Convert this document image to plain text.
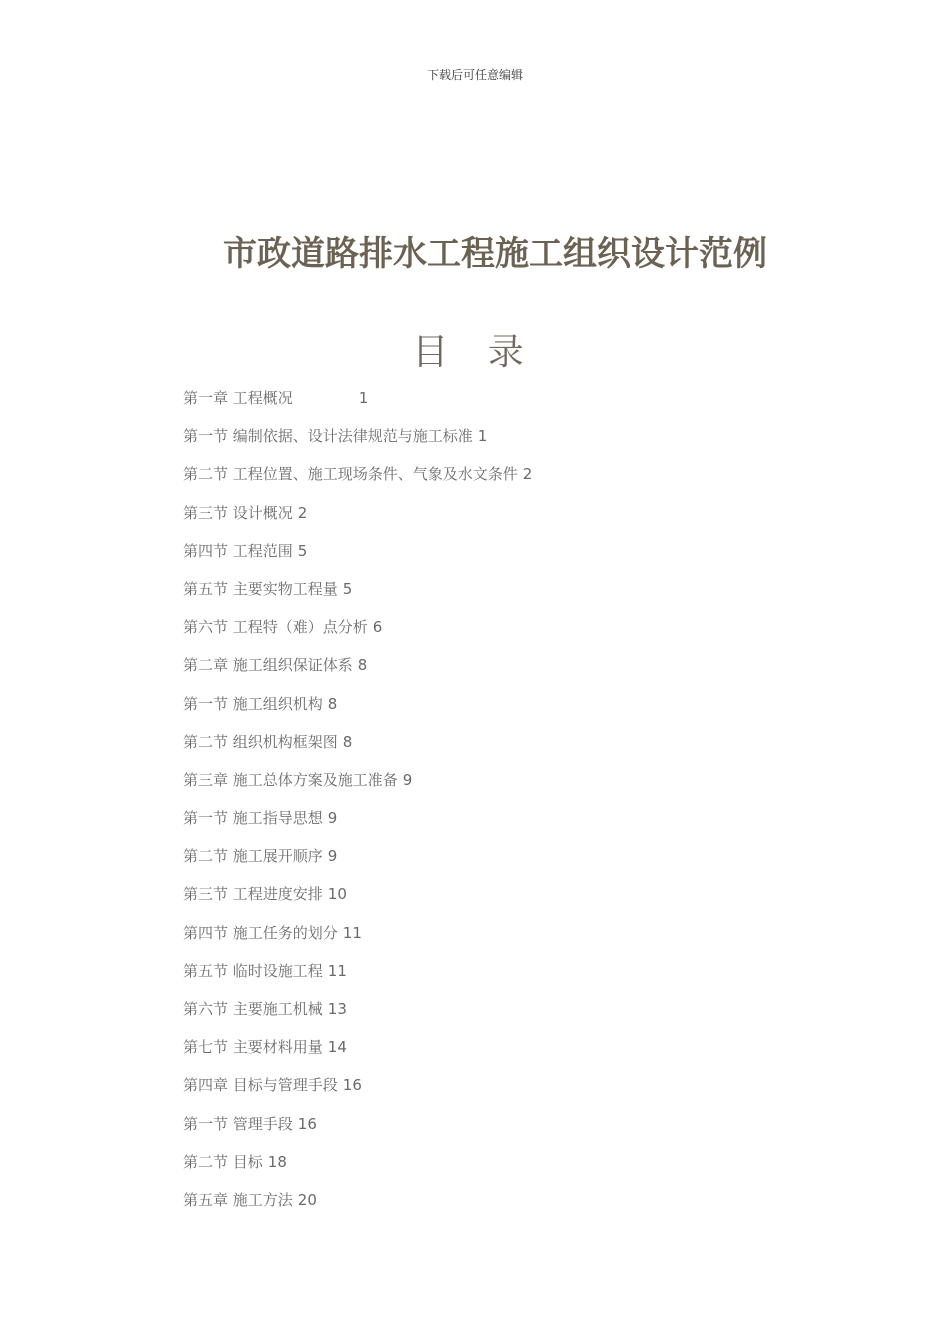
下载后可任意编辑
市政道路排水工程施工组织设计范例
目 录
第一章 工程概况	1
第一节 编制依据、设计法律规范与施工标准 1
第二节 工程位置、施工现场条件、气象及水文条件 2
第三节 设计概况 2
第四节 工程范围 5
第五节 主要实物工程量 5
第六节 工程特（难）点分析 6
第二章 施工组织保证体系 8
第一节 施工组织机构 8
第二节 组织机构框架图 8
第三章 施工总体方案及施工准备 9
第一节 施工指导思想 9
第二节 施工展开顺序 9
第三节 工程进度安排 10
第四节 施工任务的划分 11
第五节 临时设施工程 11
第六节 主要施工机械 13
第七节 主要材料用量 14
第四章 目标与管理手段 16
第一节 管理手段 16
第二节 目标 18
第五章 施工方法 20
